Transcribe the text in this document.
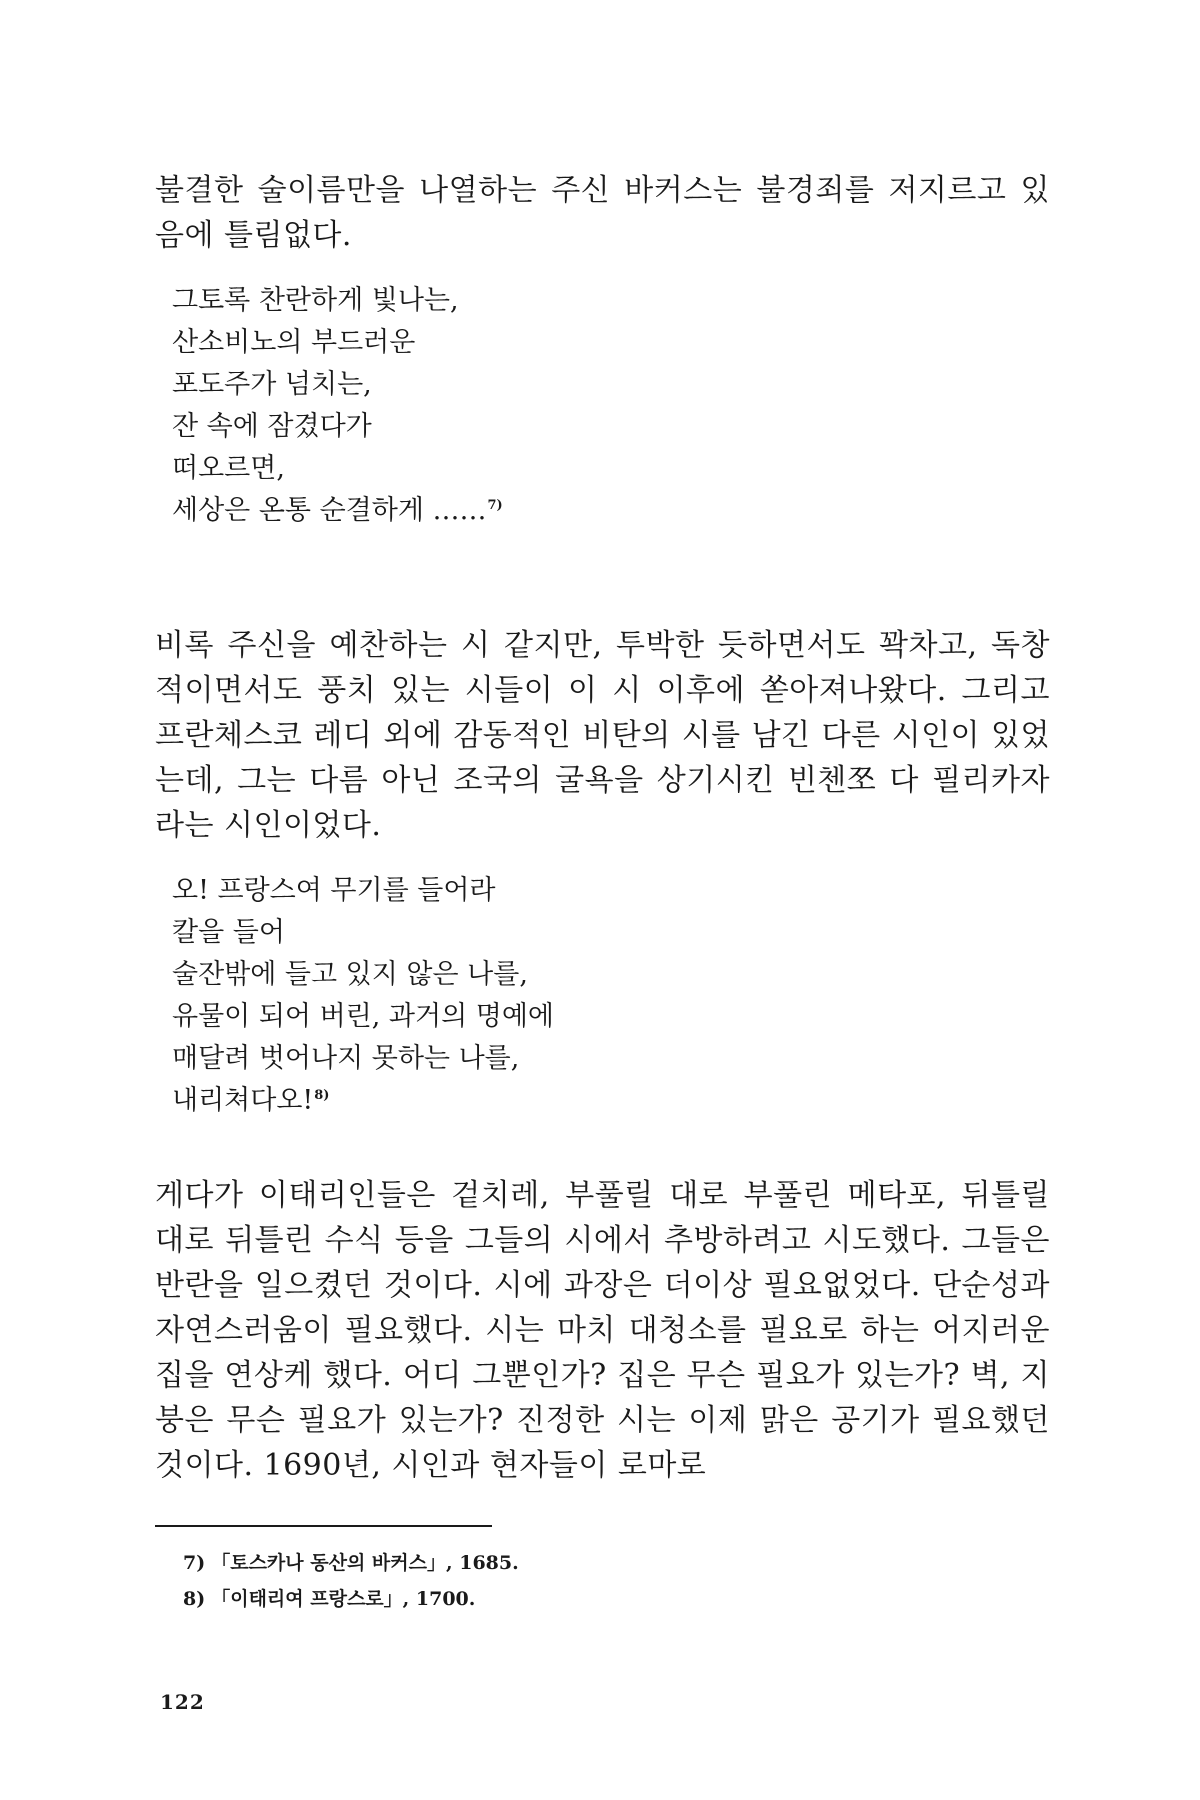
불결한 술이름만을 나열하는 주신 바커스는 불경죄를 저지르고 있음에 틀림없다.

그토록 찬란하게 빛나는,
산소비노의 부드러운
포도주가 넘치는,
잔 속에 잠겼다가
떠오르면,
세상은 온통 순결하게 ……$^{7)}$

비록 주신을 예찬하는 시 같지만, 투박한 듯하면서도 꽉차고, 독창적이면서도 풍치 있는 시들이 이 시 이후에 쏟아져나왔다. 그리고 프란체스코 레디 외에 감동적인 비탄의 시를 남긴 다른 시인이 있었는데, 그는 다름 아닌 조국의 굴욕을 상기시킨 빈첸쪼 다 필리카자라는 시인이었다.

오! 프랑스여 무기를 들어라
칼을 들어
술잔밖에 들고 있지 않은 나를,
유물이 되어 버린, 과거의 명예에
매달려 벗어나지 못하는 나를,
내리쳐다오!$^{8)}$

게다가 이태리인들은 겉치레, 부풀릴 대로 부풀린 메타포, 뒤틀릴 대로 뒤틀린 수식 등을 그들의 시에서 추방하려고 시도했다. 그들은 반란을 일으켰던 것이다. 시에 과장은 더이상 필요없었다. 단순성과 자연스러움이 필요했다. 시는 마치 대청소를 필요로 하는 어지러운 집을 연상케 했다. 어디 그뿐인가? 집은 무슨 필요가 있는가? 벽, 지붕은 무슨 필요가 있는가? 진정한 시는 이제 맑은 공기가 필요했던 것이다. 1690년, 시인과 현자들이 로마로

7) 「토스카나 동산의 바커스」, 1685.
8) 「이태리여 프랑스로」, 1700.
122
